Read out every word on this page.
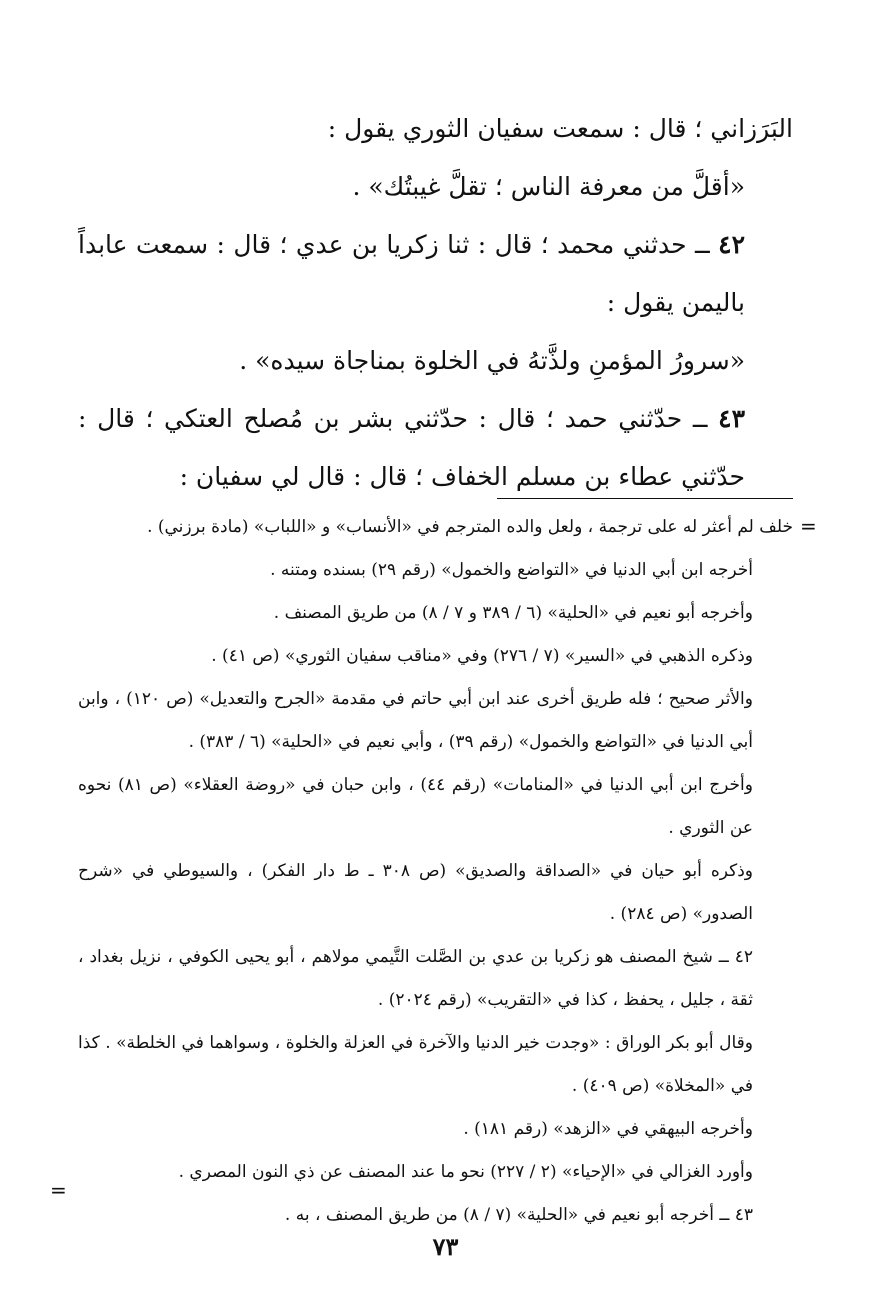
البَرَزاني ؛ قال : سمعت سفيان الثوري يقول :

«أقلَّ من معرفة الناس ؛ تقلَّ غيبتُك» .

٤٢ ــ حدثني محمد ؛ قال : ثنا زكريا بن عدي ؛ قال : سمعت عابداً باليمن يقول :

«سرورُ المؤمنِ ولذَّتهُ في الخلوة بمناجاة سيده» .

٤٣ ــ حدّثني حمد ؛ قال : حدّثني بشر بن مُصلح العتكي ؛ قال : حدّثني عطاء بن مسلم الخفاف ؛ قال : قال لي سفيان :

=

خلف لم أعثر له على ترجمة ، ولعل والده المترجم في «الأنساب» و «اللباب» (مادة برزني) .

أخرجه ابن أبي الدنيا في «التواضع والخمول» (رقم ٢٩) بسنده ومتنه .

وأخرجه أبو نعيم في «الحلية» (٦ / ٣٨٩ و ٧ / ٨) من طريق المصنف .

وذكره الذهبي في «السير» (٧ / ٢٧٦) وفي «مناقب سفيان الثوري» (ص ٤١) .

والأثر صحيح ؛ فله طريق أخرى عند ابن أبي حاتم في مقدمة «الجرح والتعديل» (ص ١٢٠) ، وابن أبي الدنيا في «التواضع والخمول» (رقم ٣٩) ، وأبي نعيم في «الحلية» (٦ / ٣٨٣) .

وأخرج ابن أبي الدنيا في «المنامات» (رقم ٤٤) ، وابن حبان في «روضة العقلاء» (ص ٨١) نحوه عن الثوري .

وذكره أبو حيان في «الصداقة والصديق» (ص ٣٠٨ ـ ط دار الفكر) ، والسيوطي في «شرح الصدور» (ص ٢٨٤) .

٤٢ ــ شيخ المصنف هو زكريا بن عدي بن الصَّلت التَّيمي مولاهم ، أبو يحيى الكوفي ، نزيل بغداد ، ثقة ، جليل ، يحفظ ، كذا في «التقريب» (رقم ٢٠٢٤) .

وقال أبو بكر الوراق : «وجدت خير الدنيا والآخرة في العزلة والخلوة ، وسواهما في الخلطة» . كذا في «المخلاة» (ص ٤٠٩) .

وأخرجه البيهقي في «الزهد» (رقم ١٨١) .

وأورد الغزالي في «الإحياء» (٢ / ٢٢٧) نحو ما عند المصنف عن ذي النون المصري .

٤٣ ــ أخرجه أبو نعيم في «الحلية» (٧ / ٨) من طريق المصنف ، به .

=
٧٣
